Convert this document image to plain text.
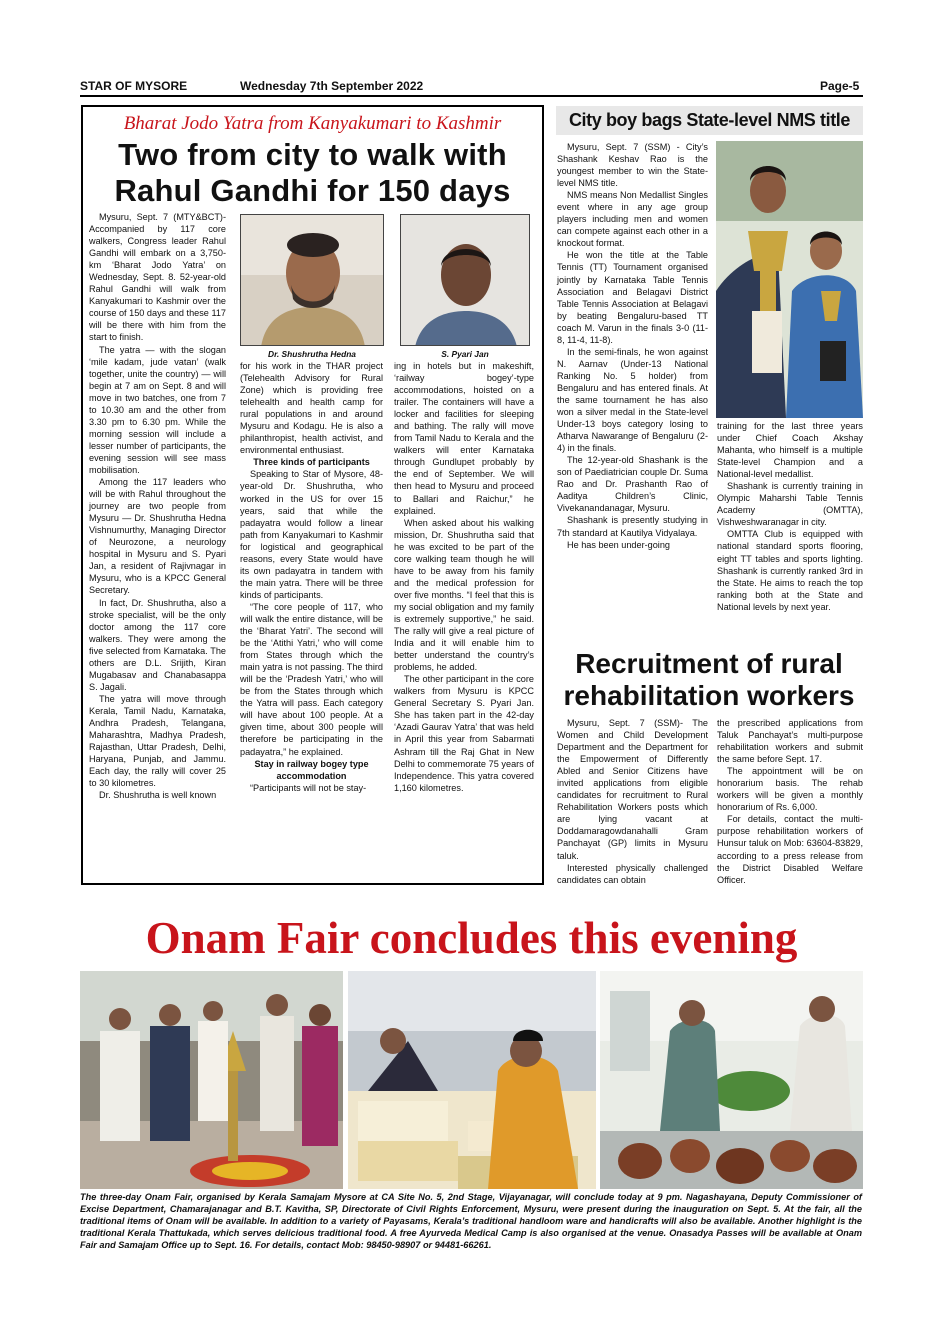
STAR OF MYSORE	Wednesday 7th September 2022	Page-5
Bharat Jodo Yatra from Kanyakumari to Kashmir
Two from city to walk with
Rahul Gandhi for 150 days

Mysuru, Sept. 7 (MTY&BCT)- Accompanied by 117 core walkers, Congress leader Rahul Gandhi will embark on a 3,750-km ‘Bharat Jodo Yatra’ on Wednesday, Sept. 8. 52-year-old Rahul Gandhi will walk from Kanyakumari to Kashmir over the course of 150 days and these 117 will be there with him from the start to finish.

The yatra — with the slogan ‘mile kadam, jude vatan’ (walk together, unite the country) — will begin at 7 am on Sept. 8 and will move in two batches, one from 7 to 10.30 am and the other from 3.30 pm to 6.30 pm. While the morning session will include a lesser number of participants, the evening session will see mass mobilisation.

Among the 117 leaders who will be with Rahul throughout the journey are two people from Mysuru — Dr. Shushrutha Hedna Vishnumurthy, Managing Director of Neurozone, a neurology hospital in Mysuru and S. Pyari Jan, a resident of Rajivnagar in Mysuru, who is a KPCC General Secretary.

In fact, Dr. Shushrutha, also a stroke specialist, will be the only doctor among the 117 core walkers. They were among the five selected from Karnataka. The others are D.L. Srijith, Kiran Mugabasav and Chanabasappa S. Jagali.

The yatra will move through Kerala, Tamil Nadu, Karnataka, Andhra Pradesh, Telangana, Maharashtra, Madhya Pradesh, Rajasthan, Uttar Pradesh, Delhi, Haryana, Punjab, and Jammu. Each day, the rally will cover 25 to 30 kilometres.

Dr. Shushrutha is well known

Dr. Shushrutha Hedna	S. Pyari Jan

for his work in the THAR project (Telehealth Advisory for Rural Zone) which is providing free telehealth and health camp for rural populations in and around Mysuru and Kodagu. He is also a philanthropist, health activist, and environmental enthusiast.

Three kinds of participants

Speaking to Star of Mysore, 48-year-old Dr. Shushrutha, who worked in the US for over 15 years, said that while the padayatra would follow a linear path from Kanyakumari to Kashmir for logistical and geographical reasons, every State would have its own padayatra in tandem with the main yatra. There will be three kinds of participants.

“The core people of 117, who will walk the entire distance, will be the ‘Bharat Yatri’. The second will be the ‘Atithi Yatri,’ who will come from States through which the main yatra is not passing. The third will be the ‘Pradesh Yatri,’ who will be from the States through which the Yatra will pass. Each category will have about 100 people. At a given time, about 300 people will therefore be participating in the padayatra,” he explained.

Stay in railway bogey type accommodation

“Participants will not be stay-

ing in hotels but in makeshift, ‘railway bogey’-type accommodations, hoisted on a trailer. The containers will have a locker and facilities for sleeping and bathing. The rally will move from Tamil Nadu to Kerala and the walkers will enter Karnataka through Gundlupet probably by the end of September. We will then head to Mysuru and proceed to Ballari and Raichur,” he explained.

When asked about his walking mission, Dr. Shushrutha said that he was excited to be part of the core walking team though he will have to be away from his family and the medical profession for over five months. “I feel that this is my social obligation and my family is extremely supportive,” he said. The rally will give a real picture of India and it will enable him to better understand the country’s problems, he added.

The other participant in the core walkers from Mysuru is KPCC General Secretary S. Pyari Jan. She has taken part in the 42-day ‘Azadi Gaurav Yatra’ that was held in April this year from Sabarmati Ashram till the Raj Ghat in New Delhi to commemorate 75 years of Independence. This yatra covered 1,160 kilometres.

City boy bags State-level NMS title

Mysuru, Sept. 7 (SSM) - City’s Shashank Keshav Rao is the youngest member to win the State-level NMS title.

NMS means Non Medallist Singles event where in any age group players including men and women can compete against each other in a knockout format.

He won the title at the Table Tennis (TT) Tournament organised jointly by Karnataka Table Tennis Association and Belagavi District Table Tennis Association at Belagavi by beating Bengaluru-based TT coach M. Varun in the finals 3-0 (11-8, 11-4, 11-8).

In the semi-finals, he won against N. Aarnav (Under-13 National Ranking No. 5 holder) from Bengaluru and has entered finals. At the same tournament he has also won a silver medal in the State-level Under-13 boys category losing to Atharva Nawarange of Bengaluru (2-4) in the finals.

The 12-year-old Shashank is the son of Paediatrician couple Dr. Suma Rao and Dr. Prashanth Rao of Aaditya Children’s Clinic, Vivekanandanagar, Mysuru.

Shashank is presently studying in 7th standard at Kautilya Vidyalaya.

He has been under-going

training for the last three years under Chief Coach Akshay Mahanta, who himself is a multiple State-level Champion and a National-level medallist.

Shashank is currently training in Olympic Maharshi Table Tennis Academy (OMTTA), Vishweshwaranagar in city.

OMTTA Club is equipped with national standard sports flooring, eight TT tables and sports lighting. Shashank is currently ranked 3rd in the State. He aims to reach the top ranking both at the State and National levels by next year.

Recruitment of rural
rehabilitation workers

Mysuru, Sept. 7 (SSM)- The Women and Child Development Department and the Department for the Empowerment of Differently Abled and Senior Citizens have invited applications from eligible candidates for recruitment to Rural Rehabilitation Workers posts which are lying vacant at Doddamaragowdanahalli Gram Panchayat (GP) limits in Mysuru taluk.

Interested physically challenged candidates can obtain

the prescribed applications from Taluk Panchayat’s multi-purpose rehabilitation workers and submit the same before Sept. 17.

The appointment will be on honorarium basis. The rehab workers will be given a monthly honorarium of Rs. 6,000.

For details, contact the multi-purpose rehabilitation workers of Hunsur taluk on Mob: 63604-83829, according to a press release from the District Disabled Welfare Officer.

Onam Fair concludes this evening
The three-day Onam Fair, organised by Kerala Samajam Mysore at CA Site No. 5, 2nd Stage, Vijayanagar, will conclude today at 9 pm. Nagashayana, Deputy Commissioner of Excise Department, Chamarajanagar and B.T. Kavitha, SP, Directorate of Civil Rights Enforcement, Mysuru, were present during the inauguration on Sept. 5. At the fair, all the traditional items of Onam will be available. In addition to a variety of Payasams, Kerala’s traditional handloom ware and handicrafts will also be available. Another highlight is the traditional Kerala Thattukada, which serves delicious traditional food. A free Ayurveda Medical Camp is also organised at the venue. Onasadya Passes will be available at Onam Fair and Samajam Office up to Sept. 16. For details, contact Mob: 98450-98907 or 94481-66261.
